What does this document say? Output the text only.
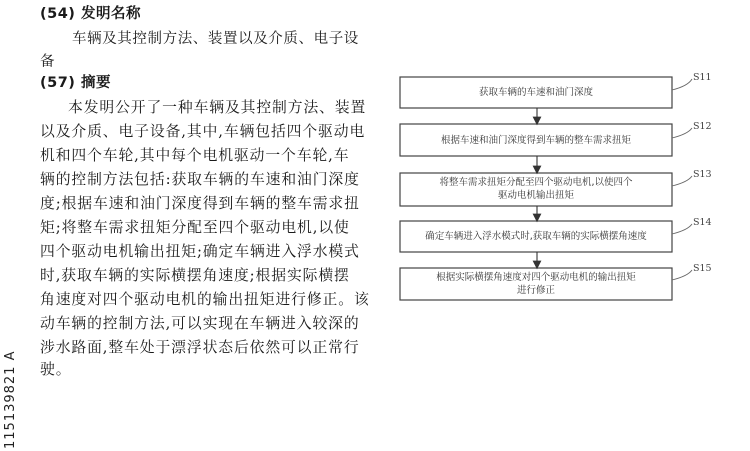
(54) 发明名称
车辆及其控制方法、装置以及介质、电子设
备
(57) 摘要
本发明公开了一种车辆及其控制方法、装置
以及介质、电子设备,其中,车辆包括四个驱动电
机和四个车轮,其中每个电机驱动一个车轮,车
辆的控制方法包括:获取车辆的车速和油门深度
度;根据车速和油门深度得到车辆的整车需求扭
矩;将整车需求扭矩分配至四个驱动电机,以使
四个驱动电机输出扭矩;确定车辆进入浮水模式
时,获取车辆的实际横摆角速度;根据实际横摆
角速度对四个驱动电机的输出扭矩进行修正。该
动车辆的控制方法,可以实现在车辆进入较深的
涉水路面,整车处于漂浮状态后依然可以正常行
驶。
115139821 A
获取车辆的车速和油门深度
根据车速和油门深度得到车辆的整车需求扭矩
将整车需求扭矩分配至四个驱动电机,以使四个
驱动电机输出扭矩
确定车辆进入浮水模式时,获取车辆的实际横摆角速度
根据实际横摆角速度对四个驱动电机的输出扭矩
进行修正
S11
S12
S13
S14
S15
